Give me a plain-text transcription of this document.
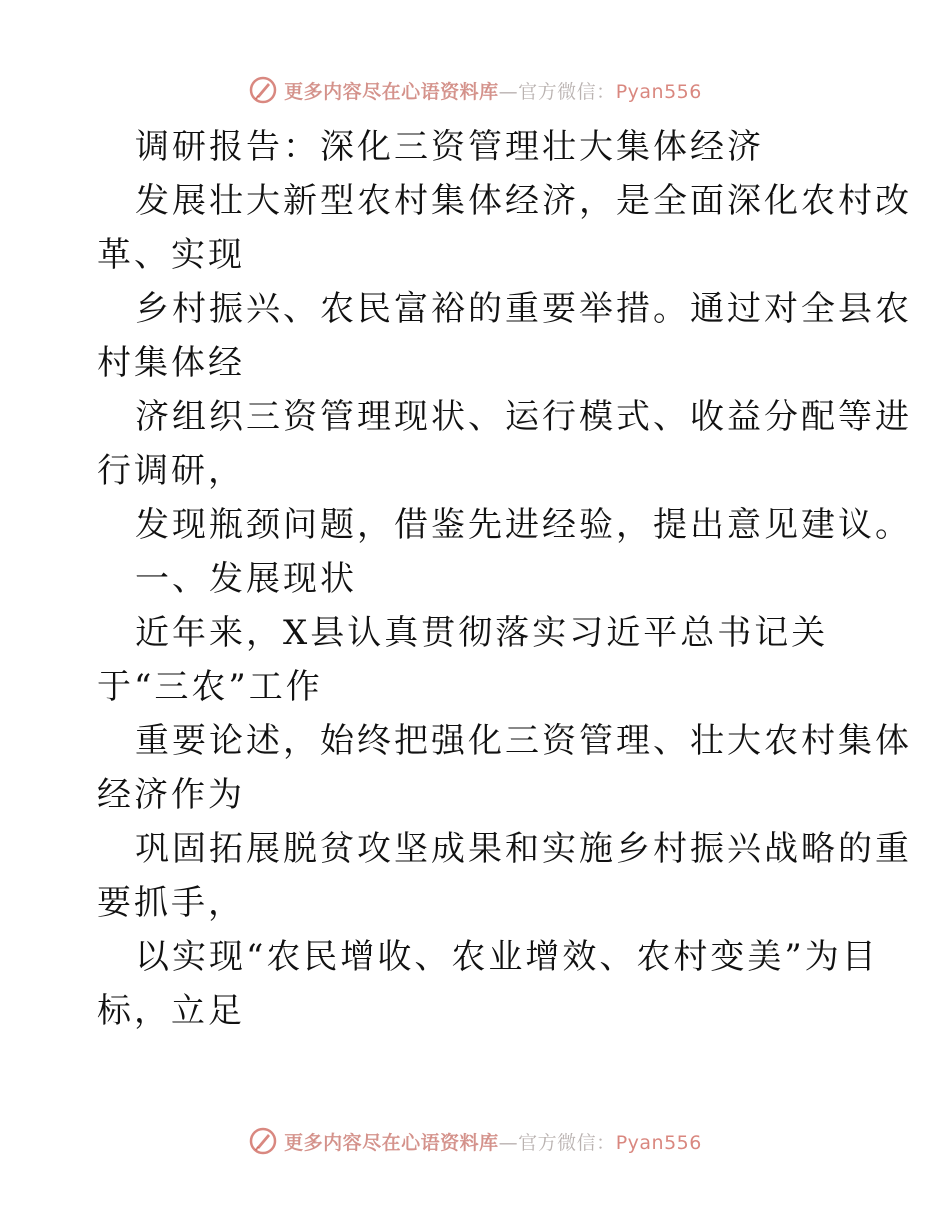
更多内容尽在心语资料库—官方微信：Pyan556
调研报告：深化三资管理壮大集体经济
发展壮大新型农村集体经济，是全面深化农村改
革、实现
乡村振兴、农民富裕的重要举措。通过对全县农
村集体经
济组织三资管理现状、运行模式、收益分配等进
行调研，
发现瓶颈问题，借鉴先进经验，提出意见建议。
一、发展现状
近年来，X县认真贯彻落实习近平总书记关
于“三农”工作
重要论述，始终把强化三资管理、壮大农村集体
经济作为
巩固拓展脱贫攻坚成果和实施乡村振兴战略的重
要抓手，
以实现“农民增收、农业增效、农村变美”为目
标，立足
更多内容尽在心语资料库—官方微信：Pyan556
